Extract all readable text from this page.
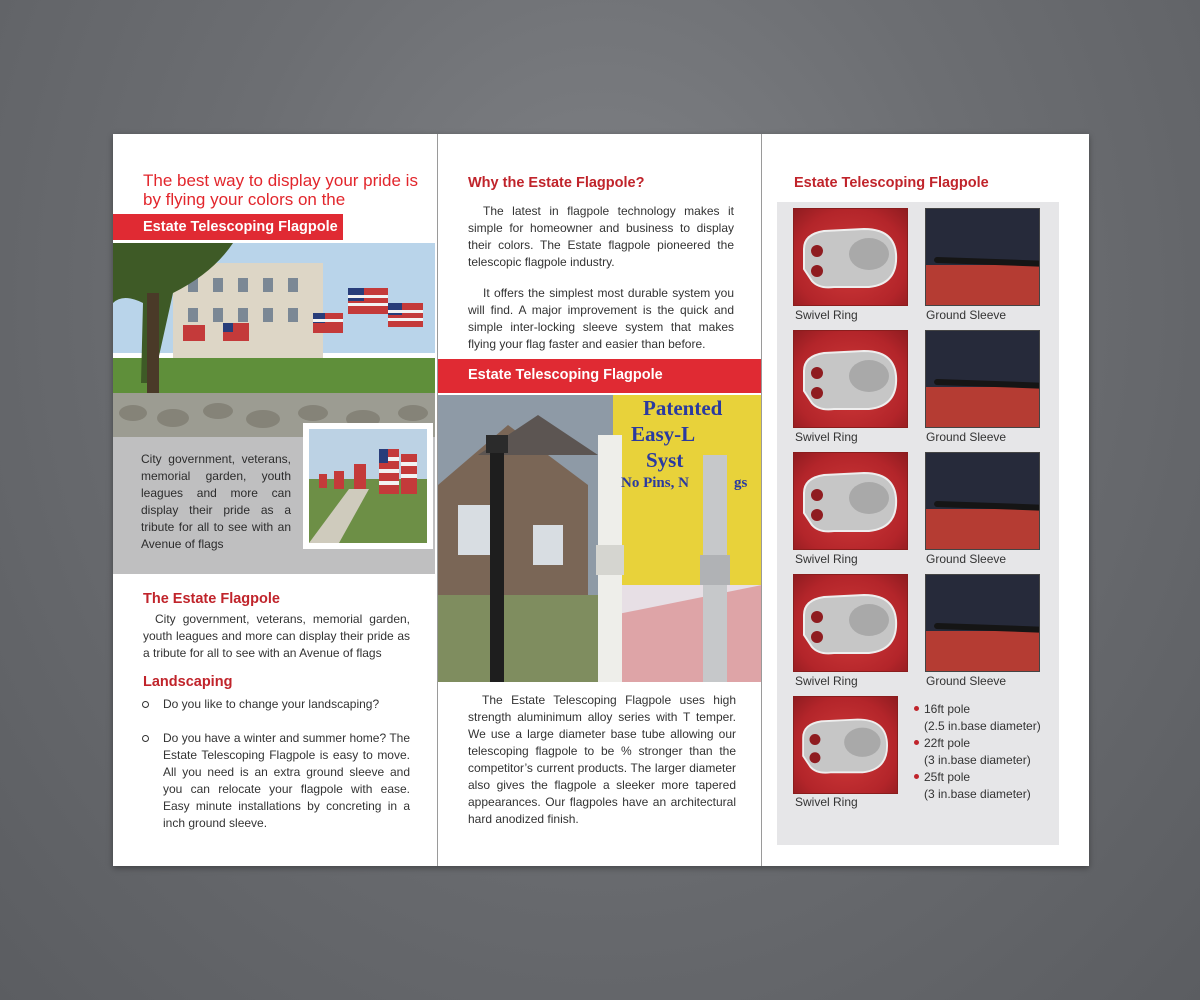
The best way to display your pride is by flying your colors on the
Estate Telescoping Flagpole
City government, veterans, memorial garden, youth leagues and more can display their pride as a tribute for all to see with an Avenue of flags
The Estate Flagpole
City government, veterans, memorial garden, youth leagues and more can display their pride as a tribute for all to see with an Avenue of flags
Landscaping
Do you like to change your landscaping?
Do you have a winter and summer home? The Estate Telescoping Flagpole is easy to move. All you need is an extra ground sleeve and you can relocate your flagpole with ease. Easy minute installations by concreting in a inch ground sleeve.
Why the Estate Flagpole?
The latest in flagpole technology makes it simple for homeowner and business to display their colors. The Estate flagpole pioneered the telescopic flagpole industry.
It offers the simplest most durable system you will find. A major improvement is the quick and simple inter-locking sleeve system that makes flying your flag faster and easier than before.
Estate Telescoping Flagpole
Patented
Easy-L
Syst
No Pins, N	gs
The Estate Telescoping Flagpole uses high strength aluminimum alloy series with T temper. We use a large diameter base tube allowing our telescoping flagpole to be % stronger than the competitor’s current products. The larger diameter also gives the flagpole a sleeker more tapered appearances. Our flagpoles have an architectural hard anodized finish.
Estate Telescoping Flagpole
Swivel Ring	Ground Sleeve
Swivel Ring	Ground Sleeve
Swivel Ring	Ground Sleeve
Swivel Ring	Ground Sleeve
Swivel Ring
16ft pole
(2.5 in.base diameter)
22ft pole
(3 in.base diameter)
25ft pole
(3 in.base diameter)
